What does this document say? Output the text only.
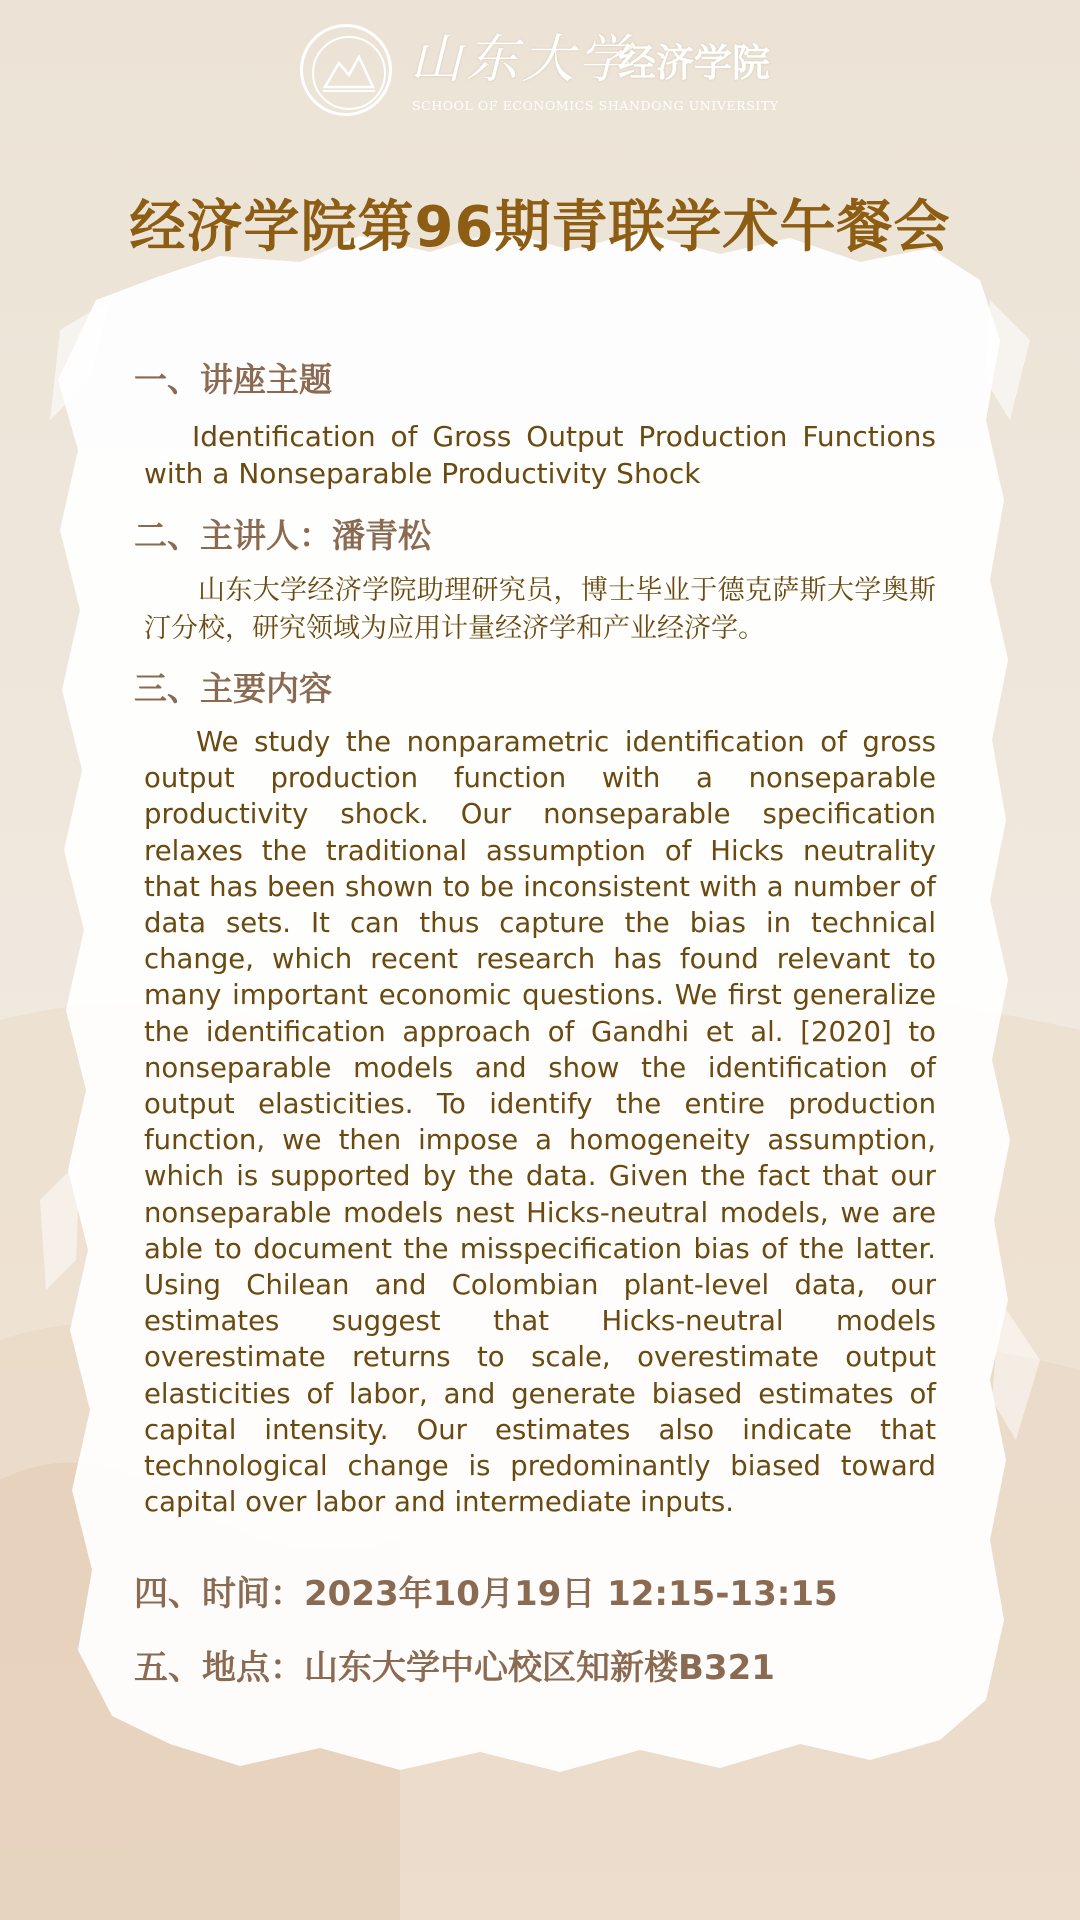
山东大学
经济学院
SCHOOL OF ECONOMICS SHANDONG UNIVERSITY
经济学院第96期青联学术午餐会
一、讲座主题

Identification of Gross Output Production Functions with a Nonseparable Productivity Shock

二、主讲人：潘青松

山东大学经济学院助理研究员，博士毕业于德克萨斯大学奥斯汀分校，研究领域为应用计量经济学和产业经济学。

三、主要内容

We study the nonparametric identification of gross output production function with a nonseparable productivity shock. Our nonseparable specification relaxes the traditional assumption of Hicks neutrality that has been shown to be inconsistent with a number of data sets. It can thus capture the bias in technical change, which recent research has found relevant to many important economic questions. We first generalize the identification approach of Gandhi et al. [2020] to nonseparable models and show the identification of output elasticities. To identify the entire production function, we then impose a homogeneity assumption, which is supported by the data. Given the fact that our nonseparable models nest Hicks-neutral models, we are able to document the misspecification bias of the latter. Using Chilean and Colombian plant-level data, our estimates suggest that Hicks-neutral models overestimate returns to scale, overestimate output elasticities of labor, and generate biased estimates of capital intensity. Our estimates also indicate that technological change is predominantly biased toward capital over labor and intermediate inputs.

四、时间：2023年10月19日 12:15-13:15
五、地点：山东大学中心校区知新楼B321
